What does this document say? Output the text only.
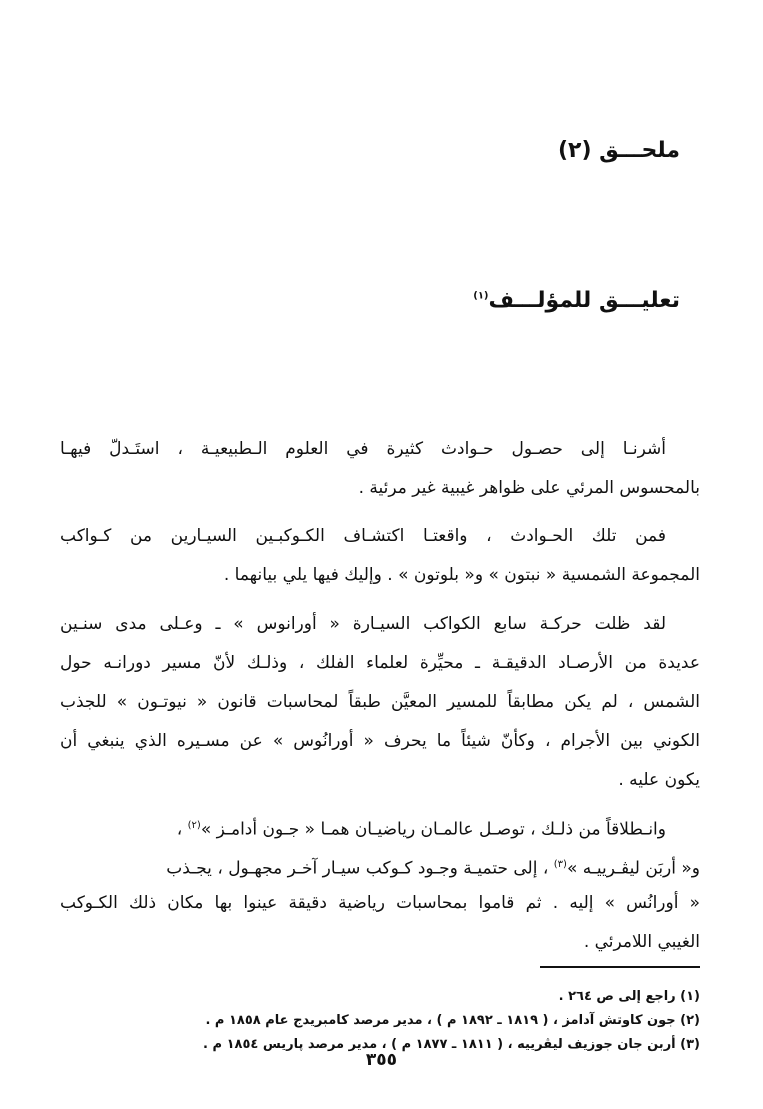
ملحـــق (٢)
تعليـــق للمؤلـــف$^{(١)}$
أشرنـا إلى حصـول حـوادث كثيرة في العلوم الـطبيعيـة ، استَـدلّ فيهـا
بالمحسوس المرئي على ظواهر غيبية غير مرئية .
فمن تلك الحـوادث ، واقعتـا اكتشـاف الكـوكبـين السيـارين من كـواكب
المجموعة الشمسية « نبتون » و« بلوتون » . وإليك فيها يلي بيانهما .
لقد ظلت حركـة سابع الكواكب السيـارة « أورانوس » ـ وعـلى مدى سنـين
عديدة من الأرصـاد الدقيقـة ـ محيِّرة لعلماء الفلك ، وذلـك لأنّ مسير دورانـه حول
الشمس ، لم يكن مطابقاً للمسير المعيَّن طبقاً لمحاسبات قانون « نيوتـون » للجذب
الكوني بين الأجرام ، وكأنّ شيئاً ما يحرف « أورانُوس » عن مسـيره الذي ينبغي أن
يكون عليه .
وانـطلاقاً من ذلـك ، توصـل عالمـان رياضيـان همـا « جـون أدامـز »$^{(٢)}$ ،
و« أربَن ليڤـرييـه »$^{(٣)}$ ، إلى حتميـة وجـود كـوكب سيـار آخـر مجهـول ، يجـذب
« أورانُس » إليه . ثم قاموا بمحاسبات رياضية دقيقة عينوا بها مكان ذلك الكـوكب
الغيبي اللامرئي .
(١) راجع إلى ص ٢٦٤ .
(٢) جون كاوتش آدامز ، ( ١٨١٩ ـ ١٨٩٢ م ) ، مدير مرصد كامبريدج عام ١٨٥٨ م .
(٣) أربن جان جوزيف ليڤرييه ، ( ١٨١١ ـ ١٨٧٧ م ) ، مدير مرصد پاريس ١٨٥٤ م .
٣٥٥
